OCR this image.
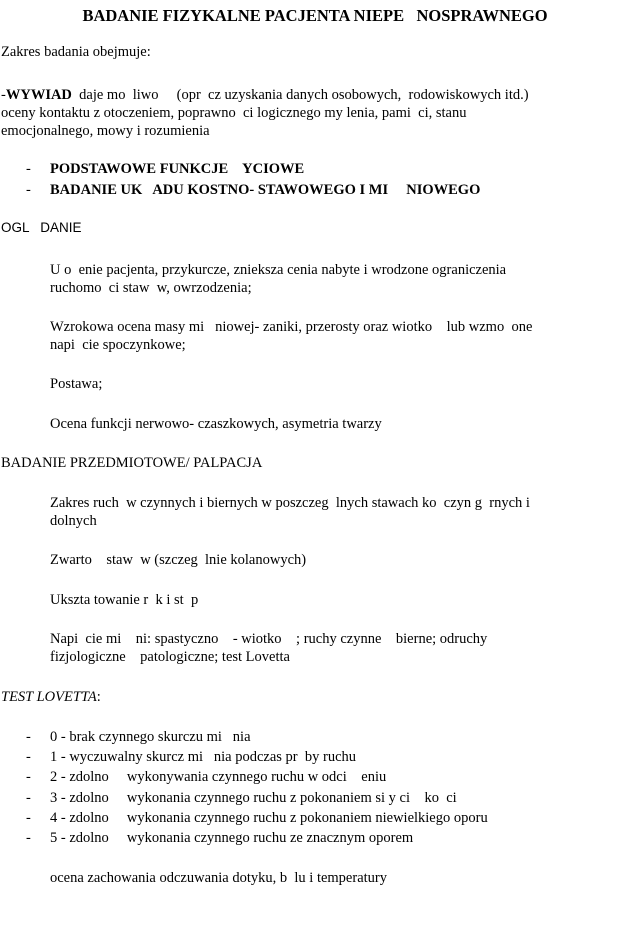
BADANIE FIZYKALNE PACJENTA NIEPE   NOSPRAWNEGO
Zakres badania obejmuje:
-WYWIAD  daje mo  liwo     (opr  cz uzyskania danych osobowych,  rodowiskowych itd.)
oceny kontaktu z otoczeniem, poprawno  ci logicznego my lenia, pami  ci, stanu
emocjonalnego, mowy i rozumienia
- PODSTAWOWE FUNKCJE    YCIOWE
- BADANIE UK   ADU KOSTNO- STAWOWEGO I MI     NIOWEGO
OGL   DANIE
U o  enie pacjenta, przykurcze, znieksza cenia nabyte i wrodzone ograniczenia
ruchomo  ci staw  w, owrzodzenia;
Wzrokowa ocena masy mi   niowej- zaniki, przerosty oraz wiotko    lub wzmo  one
napi  cie spoczynkowe;
Postawa;
Ocena funkcji nerwowo- czaszkowych, asymetria twarzy
BADANIE PRZEDMIOTOWE/ PALPACJA
Zakres ruch  w czynnych i biernych w poszczeg  lnych stawach ko  czyn g  rnych i
dolnych
Zwarto    staw  w (szczeg  lnie kolanowych)
Uksztа towanie r  k i st  p
Napi  cie mi    ni: spastyczno    - wiotko    ; ruchy czynne    bierne; odruchy
fizjologiczne    patologiczne; test Lovetta
TEST LOVETTA:
- 0 - brak czynnego skurczu mi   nia
- 1 - wyczuwalny skurcz mi   nia podczas pr  by ruchu
- 2 - zdolno     wykonywania czynnego ruchu w odci    eniu
- 3 - zdolno     wykonania czynnego ruchu z pokonaniem si y ci    ko  ci
- 4 - zdolno     wykonania czynnego ruchu z pokonaniem niewielkiego oporu
- 5 - zdolno     wykonania czynnego ruchu ze znacznym oporem
ocena zachowania odczuwania dotyku, b  lu i temperatury
